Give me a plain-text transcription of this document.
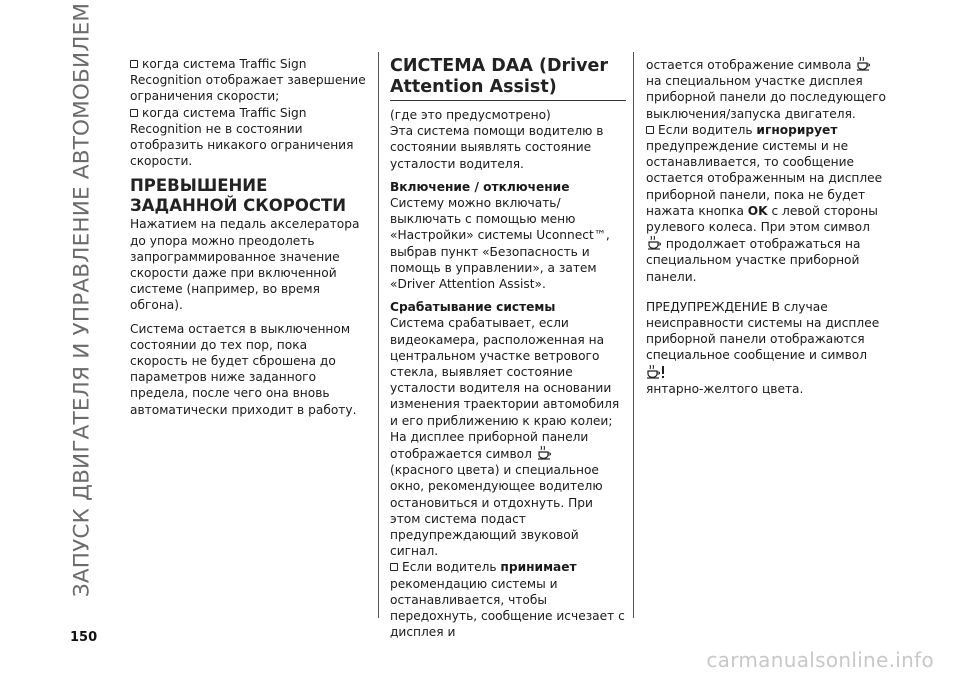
ЗАПУСК ДВИГАТЕЛЯ И УПРАВЛЕНИЕ АВТОМОБИЛЕМ
150

когда система Traffic Sign Recognition отображает завершение ограничения скорости;

когда система Traffic Sign Recognition не в состоянии отобразить никакого ограничения скорости.

ПРЕВЫШЕНИЕ ЗАДАННОЙ СКОРОСТИ

Нажатием на педаль акселератора до упора можно преодолеть запрограммированное значение скорости даже при включенной системе (например, во время обгона).

Система остается в выключенном состоянии до тех пор, пока скорость не будет сброшена до параметров ниже заданного предела, после чего она вновь автоматически приходит в работу.

СИСТЕМА DAA (Driver Attention Assist)

(где это предусмотрено)

Эта система помощи водителю в состоянии выявлять состояние усталости водителя.

Включение / отключение

Систему можно включать/выключать с помощью меню «Настройки» системы Uconnect™, выбрав пункт «Безопасность и помощь в управлении», а затем «Driver Attention Assist».

Срабатывание системы

Система срабатывает, если видеокамера, расположенная на центральном участке ветрового стекла, выявляет состояние усталости водителя на основании изменения траектории автомобиля и его приближению к краю колеи;

На дисплее приборной панели отображается символ
(красного цвета) и специальное окно, рекомендующее водителю остановиться и отдохнуть. При этом система подаст предупреждающий звуковой сигнал.

Если водитель принимает рекомендацию системы и останавливается, чтобы передохнуть, сообщение исчезает с дисплея и

остается отображение символа  на специальном участке дисплея приборной панели до последующего выключения/запуска двигателя.

Если водитель игнорирует предупреждение системы и не останавливается, то сообщение остается отображенным на дисплее приборной панели, пока не будет нажата кнопка OK с левой стороны рулевого колеса. При этом символ
продолжает отображаться на специальном участке приборной панели.

ПРЕДУПРЕЖДЕНИЕ В случае неисправности системы на дисплее приборной панели отображаются специальное сообщение и символ
янтарно-желтого цвета.

carmanualsonline.info
